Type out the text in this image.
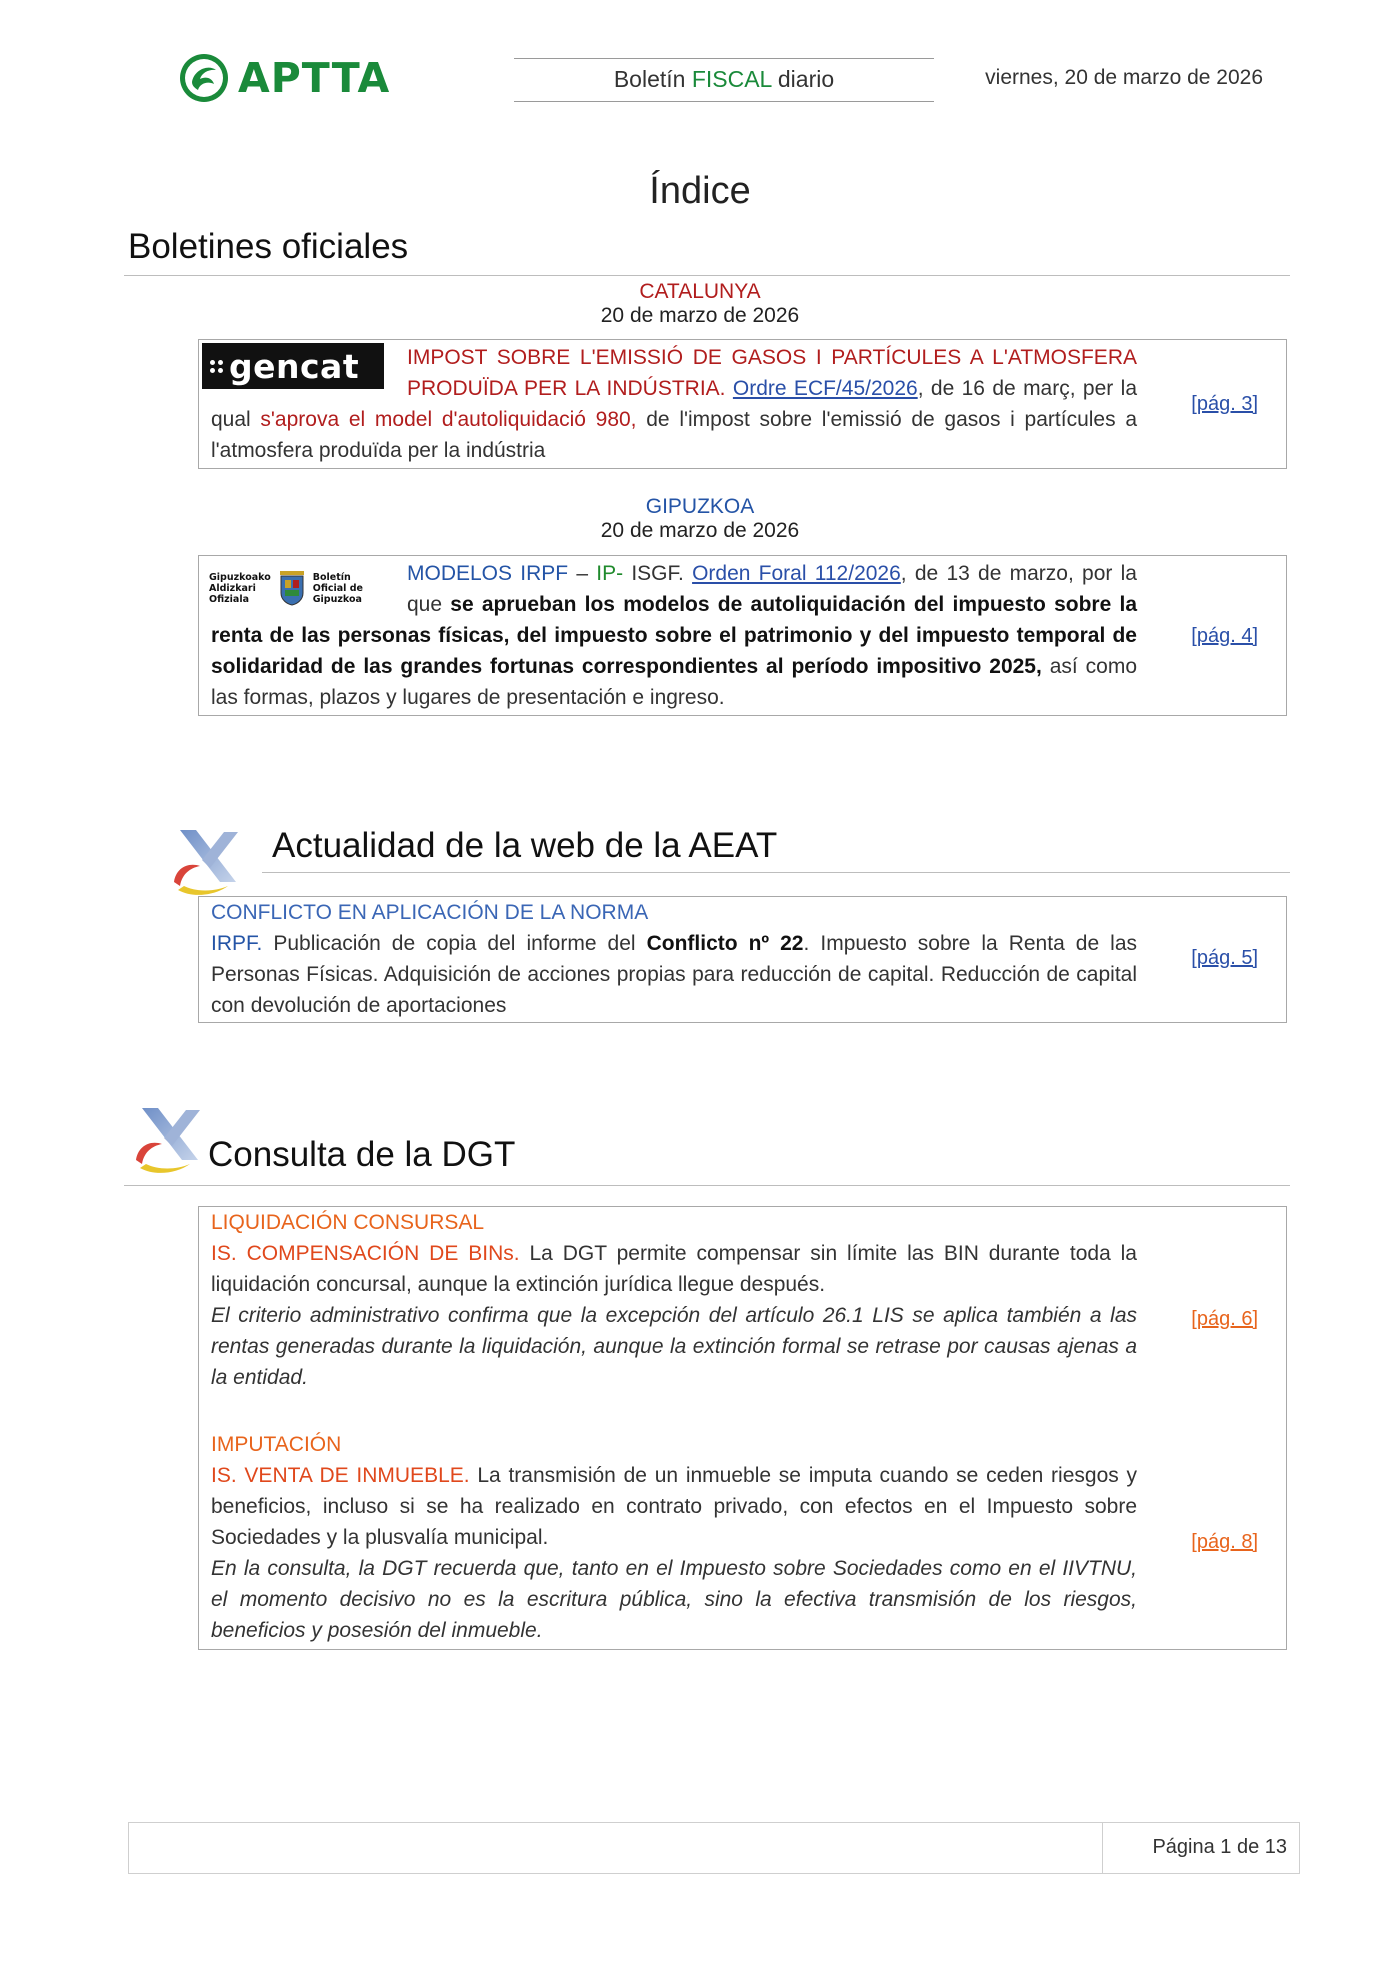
APTTA	Boletín FISCAL diario	viernes, 20 de marzo de 2026
Índice
Boletines oficiales
CATALUNYA
20 de marzo de 2026
gencat	IMPOST SOBRE L'EMISSIÓ DE GASOS I PARTÍCULES A L'ATMOSFERA PRODUÏDA PER LA INDÚSTRIA. Ordre ECF/45/2026, de 16 de març, per la qual s'aprova el model d'autoliquidació 980, de l'impost sobre l'emissió de gasos i partícules a l'atmosfera produïda per la indústria
[pág. 3]
GIPUZKOA
20 de marzo de 2026
Gipuzkoako
Aldizkari
Ofiziala
Boletín
Oficial de
Gipuzkoa
MODELOS IRPF – IP- ISGF. Orden Foral 112/2026, de 13 de marzo, por la que se aprueban los modelos de autoliquidación del impuesto sobre la renta de las personas físicas, del impuesto sobre el patrimonio y del impuesto temporal de solidaridad de las grandes fortunas correspondientes al período impositivo 2025, así como las formas, plazos y lugares de presentación e ingreso.
[pág. 4]
Actualidad de la web de la AEAT
CONFLICTO EN APLICACIÓN DE LA NORMA
IRPF. Publicación de copia del informe del Conflicto nº 22. Impuesto sobre la Renta de las Personas Físicas. Adquisición de acciones propias para reducción de capital. Reducción de capital con devolución de aportaciones
[pág. 5]
Consulta de la DGT
LIQUIDACIÓN CONSURSAL
IS. COMPENSACIÓN DE BINs. La DGT permite compensar sin límite las BIN durante toda la liquidación concursal, aunque la extinción jurídica llegue después.
El criterio administrativo confirma que la excepción del artículo 26.1 LIS se aplica también a las rentas generadas durante la liquidación, aunque la extinción formal se retrase por causas ajenas a la entidad.
[pág. 6]
IMPUTACIÓN
IS. VENTA DE INMUEBLE. La transmisión de un inmueble se imputa cuando se ceden riesgos y beneficios, incluso si se ha realizado en contrato privado, con efectos en el Impuesto sobre Sociedades y la plusvalía municipal.
En la consulta, la DGT recuerda que, tanto en el Impuesto sobre Sociedades como en el IIVTNU, el momento decisivo no es la escritura pública, sino la efectiva transmisión de los riesgos, beneficios y posesión del inmueble.
[pág. 8]
Página 1 de 13
